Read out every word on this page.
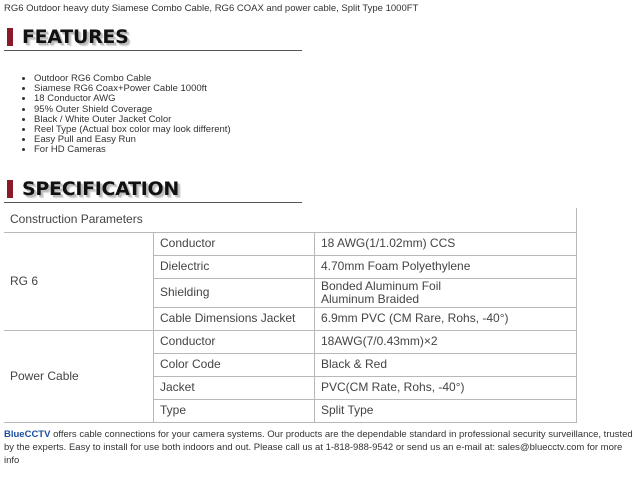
RG6 Outdoor heavy duty Siamese Combo Cable, RG6 COAX and power cable, Split Type 1000FT
FEATURES
• Outdoor RG6 Combo Cable
• Siamese RG6 Coax+Power Cable 1000ft
• 18 Conductor AWG
• 95% Outer Shield Coverage
• Black / White Outer Jacket Color
• Reel Type (Actual box color may look different)
• Easy Pull and Easy Run
• For HD Cameras
SPECIFICATION
Construction Parameters		
RG 6	Conductor	18 AWG(1/1.02mm) CCS
	Dielectric	4.70mm Foam Polyethylene
	Shielding	Bonded Aluminum Foil
Aluminum Braided

	Cable Dimensions Jacket	6.9mm PVC (CM Rare, Rohs, -40°)
Power Cable	Conductor	18AWG(7/0.43mm)×2
	Color Code	Black & Red
	Jacket	PVC(CM Rate, Rohs, -40°)
	Type	Split Type
BlueCCTV offers cable connections for your camera systems. Our products are the dependable standard in professional security surveillance, trusted by the experts. Easy to install for use both indoors and out. Please call us at 1-818-988-9542 or send us an e-mail at: sales@bluecctv.com for more info
